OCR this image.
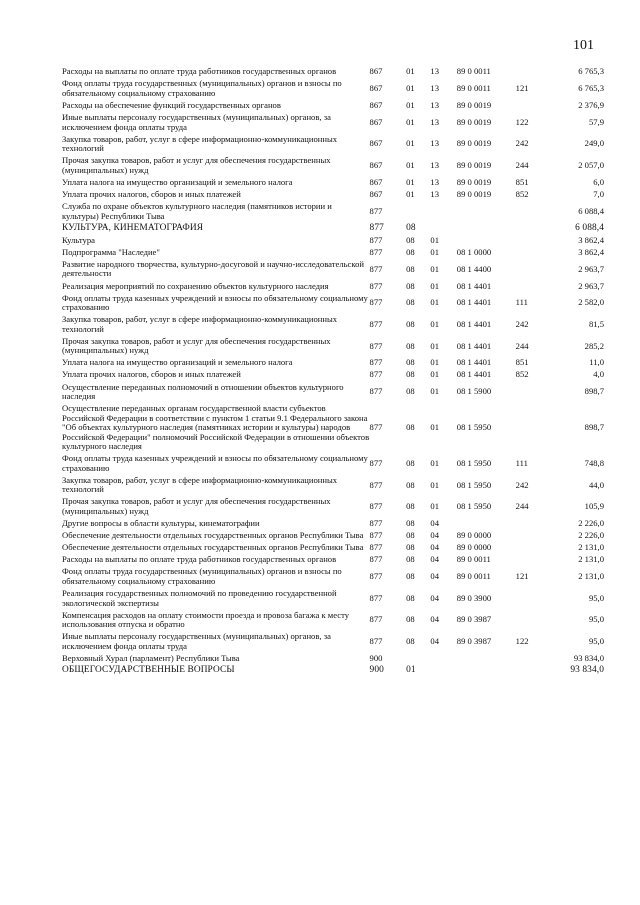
101
Расходы на выплаты по оплате труда работников государственных органов	867	01	13	89 0 0011		6 765,3
Фонд оплаты труда государственных (муниципальных) органов и взносы по обязательному социальному страхованию	867	01	13	89 0 0011	121	6 765,3
Расходы на обеспечение функций государственных органов	867	01	13	89 0 0019		2 376,9
Иные выплаты персоналу государственных (муниципальных) органов, за исключением фонда оплаты труда	867	01	13	89 0 0019	122	57,9
Закупка товаров, работ, услуг в сфере информационно-коммуникационных технологий	867	01	13	89 0 0019	242	249,0
Прочая закупка товаров, работ и услуг для обеспечения государственных (муниципальных) нужд	867	01	13	89 0 0019	244	2 057,0
Уплата налога на имущество организаций и земельного налога	867	01	13	89 0 0019	851	6,0
Уплата прочих налогов, сборов и иных платежей	867	01	13	89 0 0019	852	7,0
Служба по охране объектов культурного наследия (памятников истории и культуры) Республики Тыва	877					6 088,4
КУЛЬТУРА, КИНЕМАТОГРАФИЯ	877	08				6 088,4
Культура	877	08	01			3 862,4
Подпрограмма "Наследие"	877	08	01	08 1 0000		3 862,4
Развитие народного творчества, культурно-досуговой и научно-исследовательской деятельности	877	08	01	08 1 4400		2 963,7
Реализация мероприятий по сохранению объектов культурного наследия	877	08	01	08 1 4401		2 963,7
Фонд оплаты труда казенных учреждений и взносы по обязательному социальному страхованию	877	08	01	08 1 4401	111	2 582,0
Закупка товаров, работ, услуг в сфере информационно-коммуникационных технологий	877	08	01	08 1 4401	242	81,5
Прочая закупка товаров, работ и услуг для обеспечения государственных (муниципальных) нужд	877	08	01	08 1 4401	244	285,2
Уплата налога на имущество организаций и земельного налога	877	08	01	08 1 4401	851	11,0
Уплата прочих налогов, сборов и иных платежей	877	08	01	08 1 4401	852	4,0
Осуществление переданных полномочий в отношении объектов культурного наследия	877	08	01	08 1 5900		898,7
Осуществление переданных органам государственной власти субъектов Российской Федерации в соответствии с пунктом 1 статьи 9.1 Федерального закона "Об объектах культурного наследия (памятниках истории и культуры) народов Российской Федерации" полномочий Российской Федерации в отношении объектов культурного наследия	877	08	01	08 1 5950		898,7
Фонд оплаты труда казенных учреждений и взносы по обязательному социальному страхованию	877	08	01	08 1 5950	111	748,8
Закупка товаров, работ, услуг в сфере информационно-коммуникационных технологий	877	08	01	08 1 5950	242	44,0
Прочая закупка товаров, работ и услуг для обеспечения государственных (муниципальных) нужд	877	08	01	08 1 5950	244	105,9
Другие вопросы в области культуры, кинематографии	877	08	04			2 226,0
Обеспечение деятельности отдельных государственных органов Республики Тыва	877	08	04	89 0 0000		2 226,0
Обеспечение деятельности отдельных государственных органов Республики Тыва	877	08	04	89 0 0000		2 131,0
Расходы на выплаты по оплате труда работников государственных органов	877	08	04	89 0 0011		2 131,0
Фонд оплаты труда государственных (муниципальных) органов и взносы по обязательному социальному страхованию	877	08	04	89 0 0011	121	2 131,0
Реализация государственных полномочий по проведению государственной экологической экспертизы	877	08	04	89 0 3900		95,0
Компенсация расходов на оплату стоимости проезда и провоза багажа к месту использования отпуска и обратно	877	08	04	89 0 3987		95,0
Иные выплаты персоналу государственных (муниципальных) органов, за исключением фонда оплаты труда	877	08	04	89 0 3987	122	95,0
Верховный Хурал (парламент) Республики Тыва	900					93 834,0
ОБЩЕГОСУДАРСТВЕННЫЕ ВОПРОСЫ	900	01				93 834,0
